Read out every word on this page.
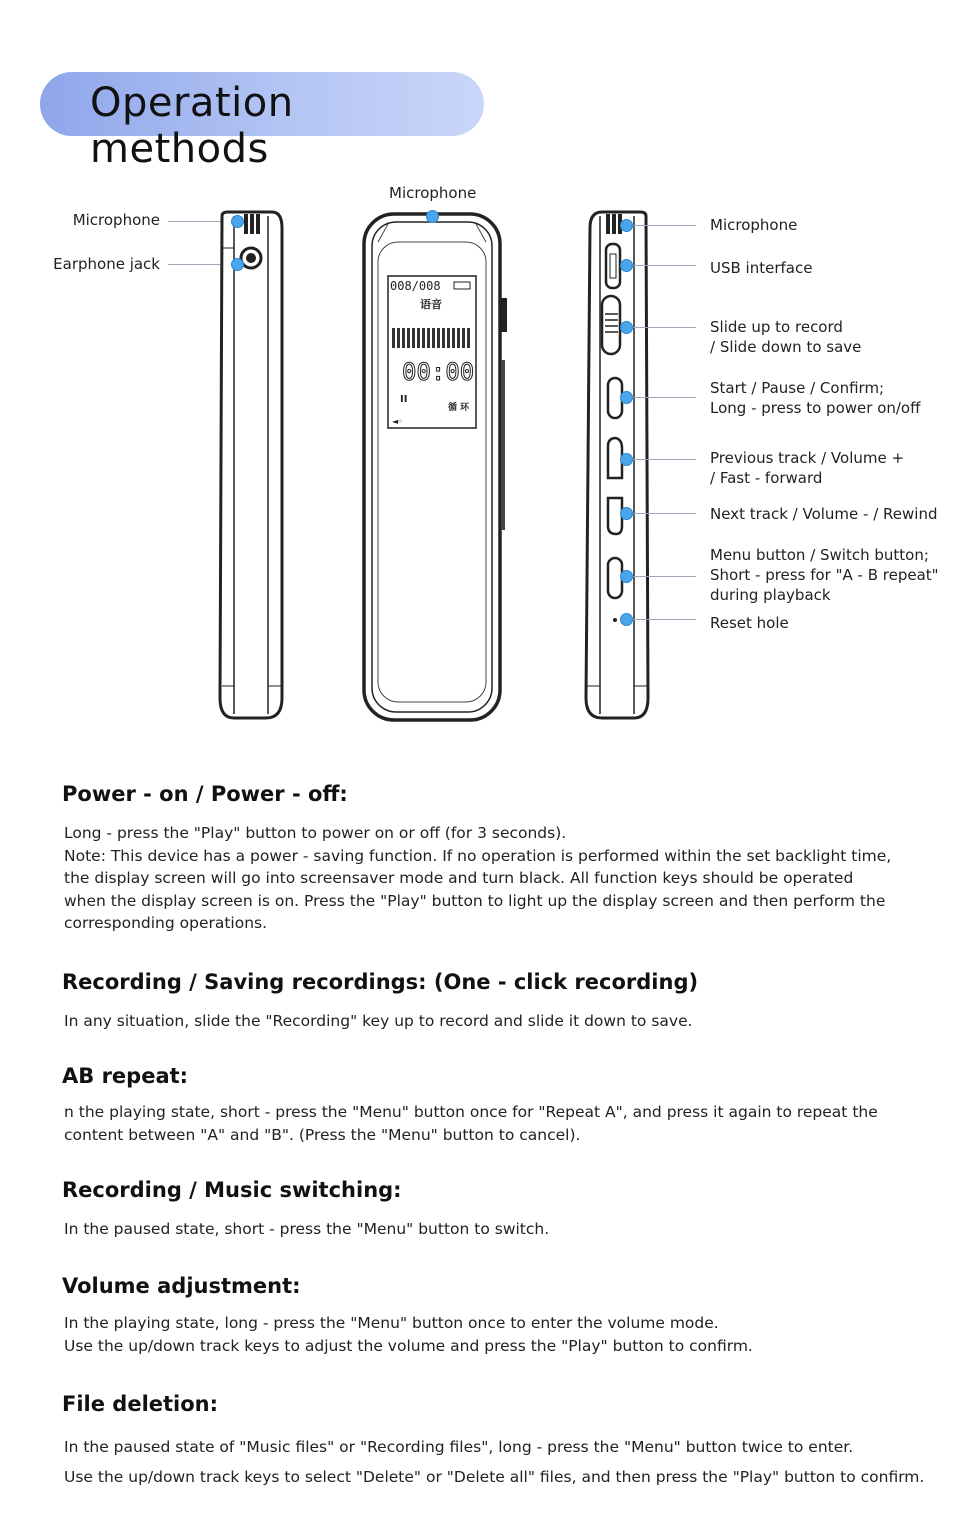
Operation methods
Microphone
Earphone jack
Microphone
008/008
语音
00:00
II
循 环
◄◦
Microphone
USB interface
Slide up to record
/ Slide down to save
Start / Pause / Confirm;
Long - press to power on/off
Previous track / Volume +
/ Fast - forward
Next track / Volume - / Rewind
Menu button / Switch button;
Short - press for "A - B repeat"
during playback
Reset hole
Power - on / Power - off:
Long - press the "Play" button to power on or off (for 3 seconds).
Note: This device has a power - saving function. If no operation is performed within the set backlight time,
the display screen will go into screensaver mode and turn black. All function keys should be operated
when the display screen is on. Press the "Play" button to light up the display screen and then perform the
corresponding operations.
Recording / Saving recordings: (One - click recording)
In any situation, slide the "Recording" key up to record and slide it down to save.
AB repeat:
n the playing state, short - press the "Menu" button once for "Repeat A", and press it again to repeat the
content between "A" and "B". (Press the "Menu" button to cancel).
Recording / Music switching:
In the paused state, short - press the "Menu" button to switch.
Volume adjustment:
In the playing state, long - press the "Menu" button once to enter the volume mode.
Use the up/down track keys to adjust the volume and press the "Play" button to confirm.
File deletion:
In the paused state of "Music files" or "Recording files", long - press the "Menu" button twice to enter.
Use the up/down track keys to select "Delete" or "Delete all" files, and then press the "Play" button to confirm.
